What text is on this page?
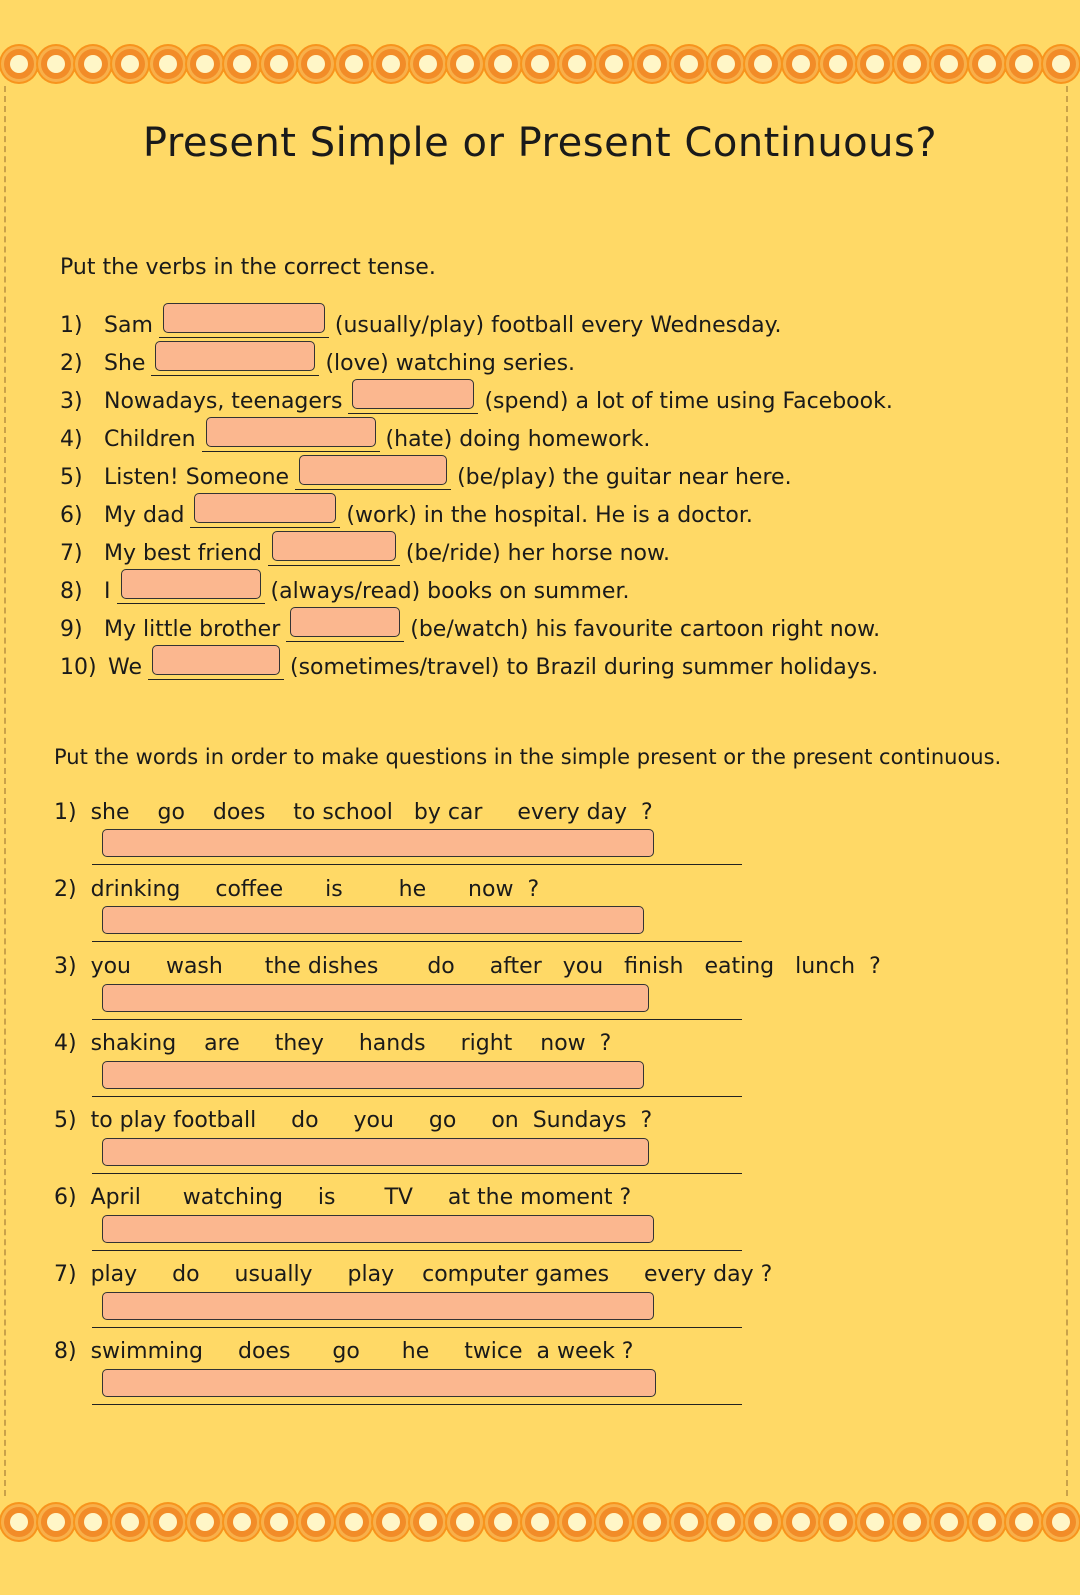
Present Simple or Present Continuous?
Put the verbs in the correct tense.
1) Sam	(usually/play) football every Wednesday.
2) She	(love) watching series.
3) Nowadays, teenagers	(spend) a lot of time using Facebook.
4) Children	(hate) doing homework.
5) Listen! Someone	(be/play) the guitar near here.
6) My dad	(work) in the hospital. He is a doctor.
7) My best friend	(be/ride) her horse now.
8) I	(always/read) books on summer.
9) My little brother	(be/watch) his favourite cartoon right now.
10) We	(sometimes/travel) to Brazil during summer holidays.
Put the words in order to make questions in the simple present or the present continuous.
1)  she    go    does    to school   by car     every day  ?
2)  drinking     coffee      is        he      now  ?
3)  you     wash      the dishes       do     after   you   finish   eating   lunch  ?
4)  shaking    are     they     hands     right    now  ?
5)  to play football     do     you     go     on  Sundays  ?
6)  April      watching     is       TV     at the moment ?
7)  play     do     usually     play    computer games     every day ?
8)  swimming     does      go      he     twice  a week ?
